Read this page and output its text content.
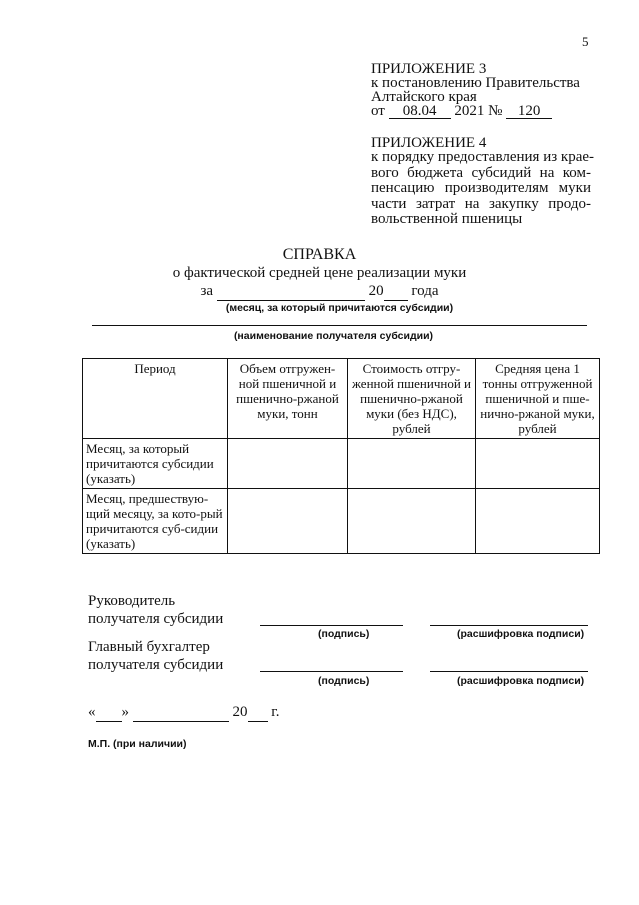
5
ПРИЛОЖЕНИЕ 3
к постановлению Правительства
Алтайского края
от 08.04 2021 № 120
ПРИЛОЖЕНИЕ 4
к порядку предоставления из крае-
вого бюджета субсидий на ком-
пенсацию производителям муки
части затрат на закупку продо-
вольственной пшеницы
СПРАВКА
о фактической средней цене реализации муки
за	20 года
(месяц, за который причитаются субсидии)
(наименование получателя субсидии)
Период	Объем отгружен-ной пшеничной и пшенично-ржаной муки, тонн	Стоимость отгру-женной пшеничной и пшенично-ржаной муки (без НДС), рублей	Средняя цена 1 тонны отгруженной пшеничной и пше-нично-ржаной муки, рублей
Месяц, за который причитаются субсидии (указать)			
Месяц, предшествую-щий месяцу, за кото-рый причитаются суб-сидии (указать)			
Руководитель
получателя субсидии
(подпись)	(расшифровка подписи)
Главный бухгалтер
получателя субсидии
(подпись)	(расшифровка подписи)
« »	20 г.
М.П. (при наличии)
